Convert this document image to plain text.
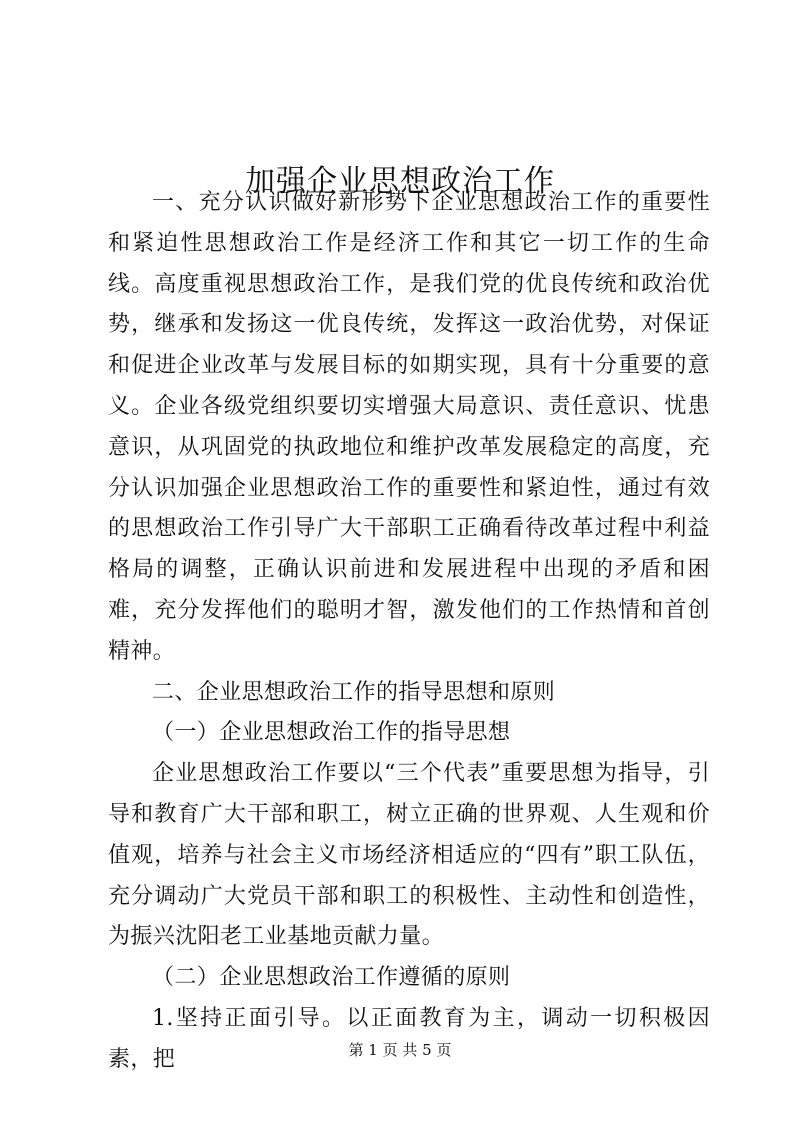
加强企业思想政治工作

一、充分认识做好新形势下企业思想政治工作的重要性和紧迫性思想政治工作是经济工作和其它一切工作的生命线。高度重视思想政治工作，是我们党的优良传统和政治优势，继承和发扬这一优良传统，发挥这一政治优势，对保证和促进企业改革与发展目标的如期实现，具有十分重要的意义。企业各级党组织要切实增强大局意识、责任意识、忧患意识，从巩固党的执政地位和维护改革发展稳定的高度，充分认识加强企业思想政治工作的重要性和紧迫性，通过有效的思想政治工作引导广大干部职工正确看待改革过程中利益格局的调整，正确认识前进和发展进程中出现的矛盾和困难，充分发挥他们的聪明才智，激发他们的工作热情和首创精神。

二、企业思想政治工作的指导思想和原则

（一）企业思想政治工作的指导思想

企业思想政治工作要以“三个代表”重要思想为指导，引导和教育广大干部和职工，树立正确的世界观、人生观和价值观，培养与社会主义市场经济相适应的“四有”职工队伍，充分调动广大党员干部和职工的积极性、主动性和创造性，为振兴沈阳老工业基地贡献力量。

（二）企业思想政治工作遵循的原则

1.坚持正面引导。以正面教育为主，调动一切积极因素，把	第 1 页 共 5 页
